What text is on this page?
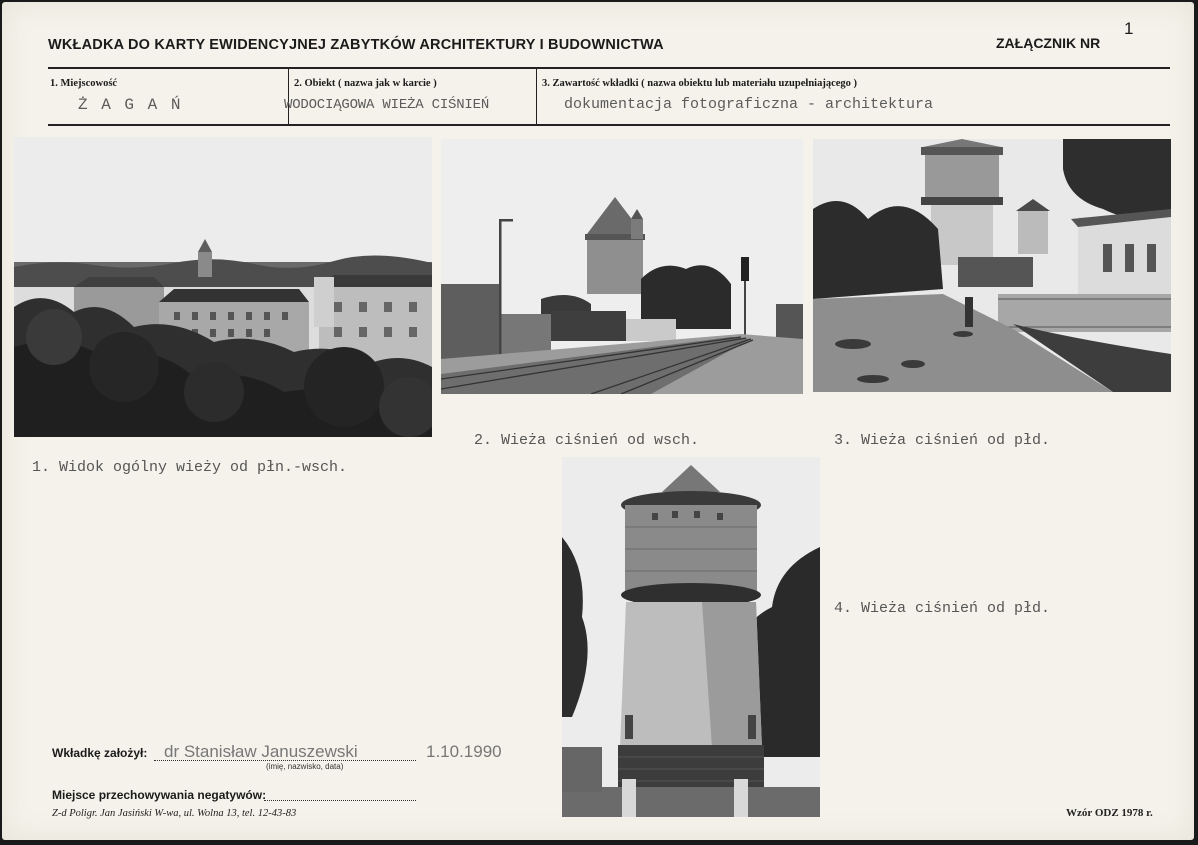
WKŁADKA DO KARTY EWIDENCYJNEJ ZABYTKÓW ARCHITEKTURY I BUDOWNICTWA	ZAŁĄCZNIK NR
1
1. Miejscowość
Ż A G A Ń
2. Obiekt ( nazwa jak w karcie )
WODOCIĄGOWA WIEŻA CIŚNIEŃ
3. Zawartość wkładki ( nazwa obiektu lub materiału uzupełniającego )
dokumentacja fotograficzna - architektura
1. Widok ogólny wieży od płn.-wsch.
2. Wieża ciśnień od wsch.	3. Wieża ciśnień od płd.
4. Wieża ciśnień od płd.
Wkładkę założył: dr Stanisław Januszewski	1.10.1990
(imię, nazwisko, data)
Miejsce przechowywania negatywów:
Z-d Poligr. Jan Jasiński W-wa, ul. Wolna 13, tel. 12-43-83	Wzór ODZ 1978 r.
